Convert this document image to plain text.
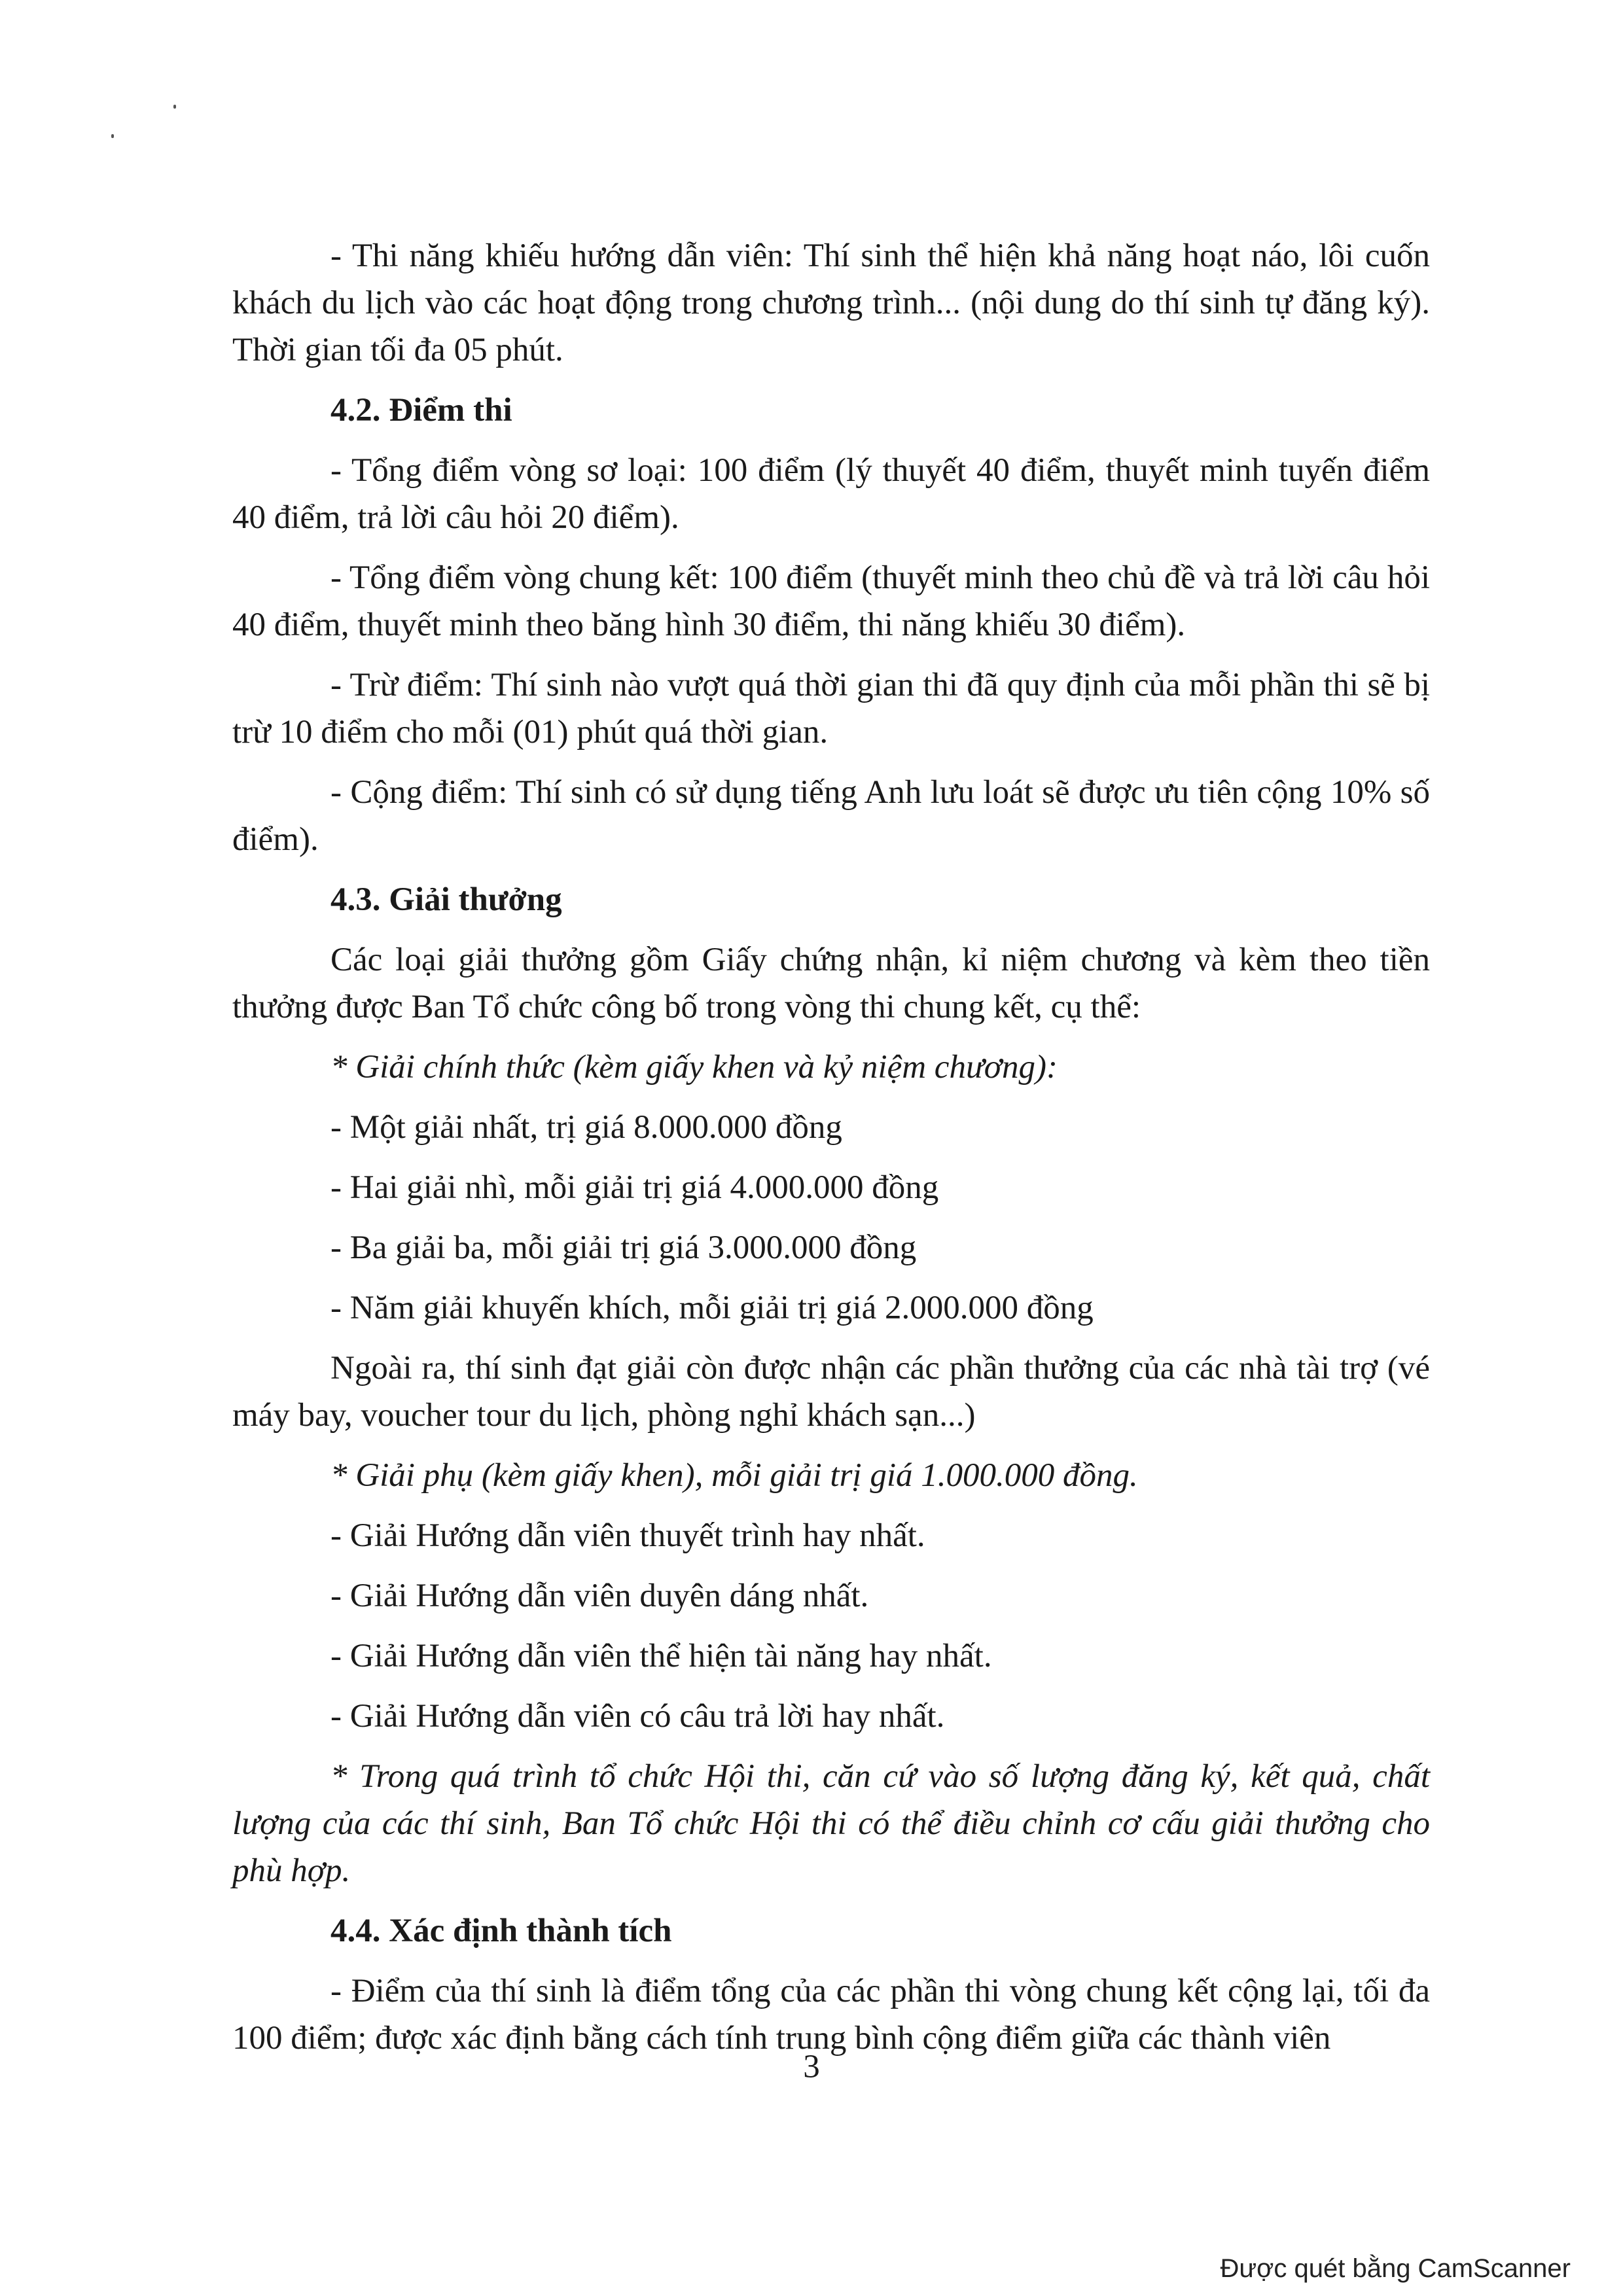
- Thi năng khiếu hướng dẫn viên: Thí sinh thể hiện khả năng hoạt náo, lôi cuốn khách du lịch vào các hoạt động trong chương trình... (nội dung do thí sinh tự đăng ký). Thời gian tối đa 05 phút.

4.2. Điểm thi

- Tổng điểm vòng sơ loại: 100 điểm (lý thuyết 40 điểm, thuyết minh tuyến điểm 40 điểm, trả lời câu hỏi 20 điểm).

- Tổng điểm vòng chung kết: 100 điểm (thuyết minh theo chủ đề và trả lời câu hỏi 40 điểm, thuyết minh theo băng hình 30 điểm, thi năng khiếu 30 điểm).

- Trừ điểm: Thí sinh nào vượt quá thời gian thi đã quy định của mỗi phần thi sẽ bị trừ 10 điểm cho mỗi (01) phút quá thời gian.

- Cộng điểm: Thí sinh có sử dụng tiếng Anh lưu loát sẽ được ưu tiên cộng 10% số điểm).

4.3. Giải thưởng

Các loại giải thưởng gồm Giấy chứng nhận, kỉ niệm chương và kèm theo tiền thưởng được Ban Tổ chức công bố trong vòng thi chung kết, cụ thể:

* Giải chính thức (kèm giấy khen và kỷ niệm chương):

- Một giải nhất, trị giá 8.000.000 đồng

- Hai giải nhì, mỗi giải trị giá 4.000.000 đồng

- Ba giải ba, mỗi giải trị giá 3.000.000 đồng

- Năm giải khuyến khích, mỗi giải trị giá 2.000.000 đồng

Ngoài ra, thí sinh đạt giải còn được nhận các phần thưởng của các nhà tài trợ (vé máy bay, voucher tour du lịch, phòng nghỉ khách sạn...)

* Giải phụ (kèm giấy khen), mỗi giải trị giá 1.000.000 đồng.

- Giải Hướng dẫn viên thuyết trình hay nhất.

- Giải Hướng dẫn viên duyên dáng nhất.

- Giải Hướng dẫn viên thể hiện tài năng hay nhất.

- Giải Hướng dẫn viên có câu trả lời hay nhất.

* Trong quá trình tổ chức Hội thi, căn cứ vào số lượng đăng ký, kết quả, chất lượng của các thí sinh, Ban Tổ chức Hội thi có thể điều chỉnh cơ cấu giải thưởng cho phù hợp.

4.4. Xác định thành tích

- Điểm của thí sinh là điểm tổng của các phần thi vòng chung kết cộng lại, tối đa 100 điểm; được xác định bằng cách tính trung bình cộng điểm giữa các thành viên

3
Được quét bằng CamScanner
